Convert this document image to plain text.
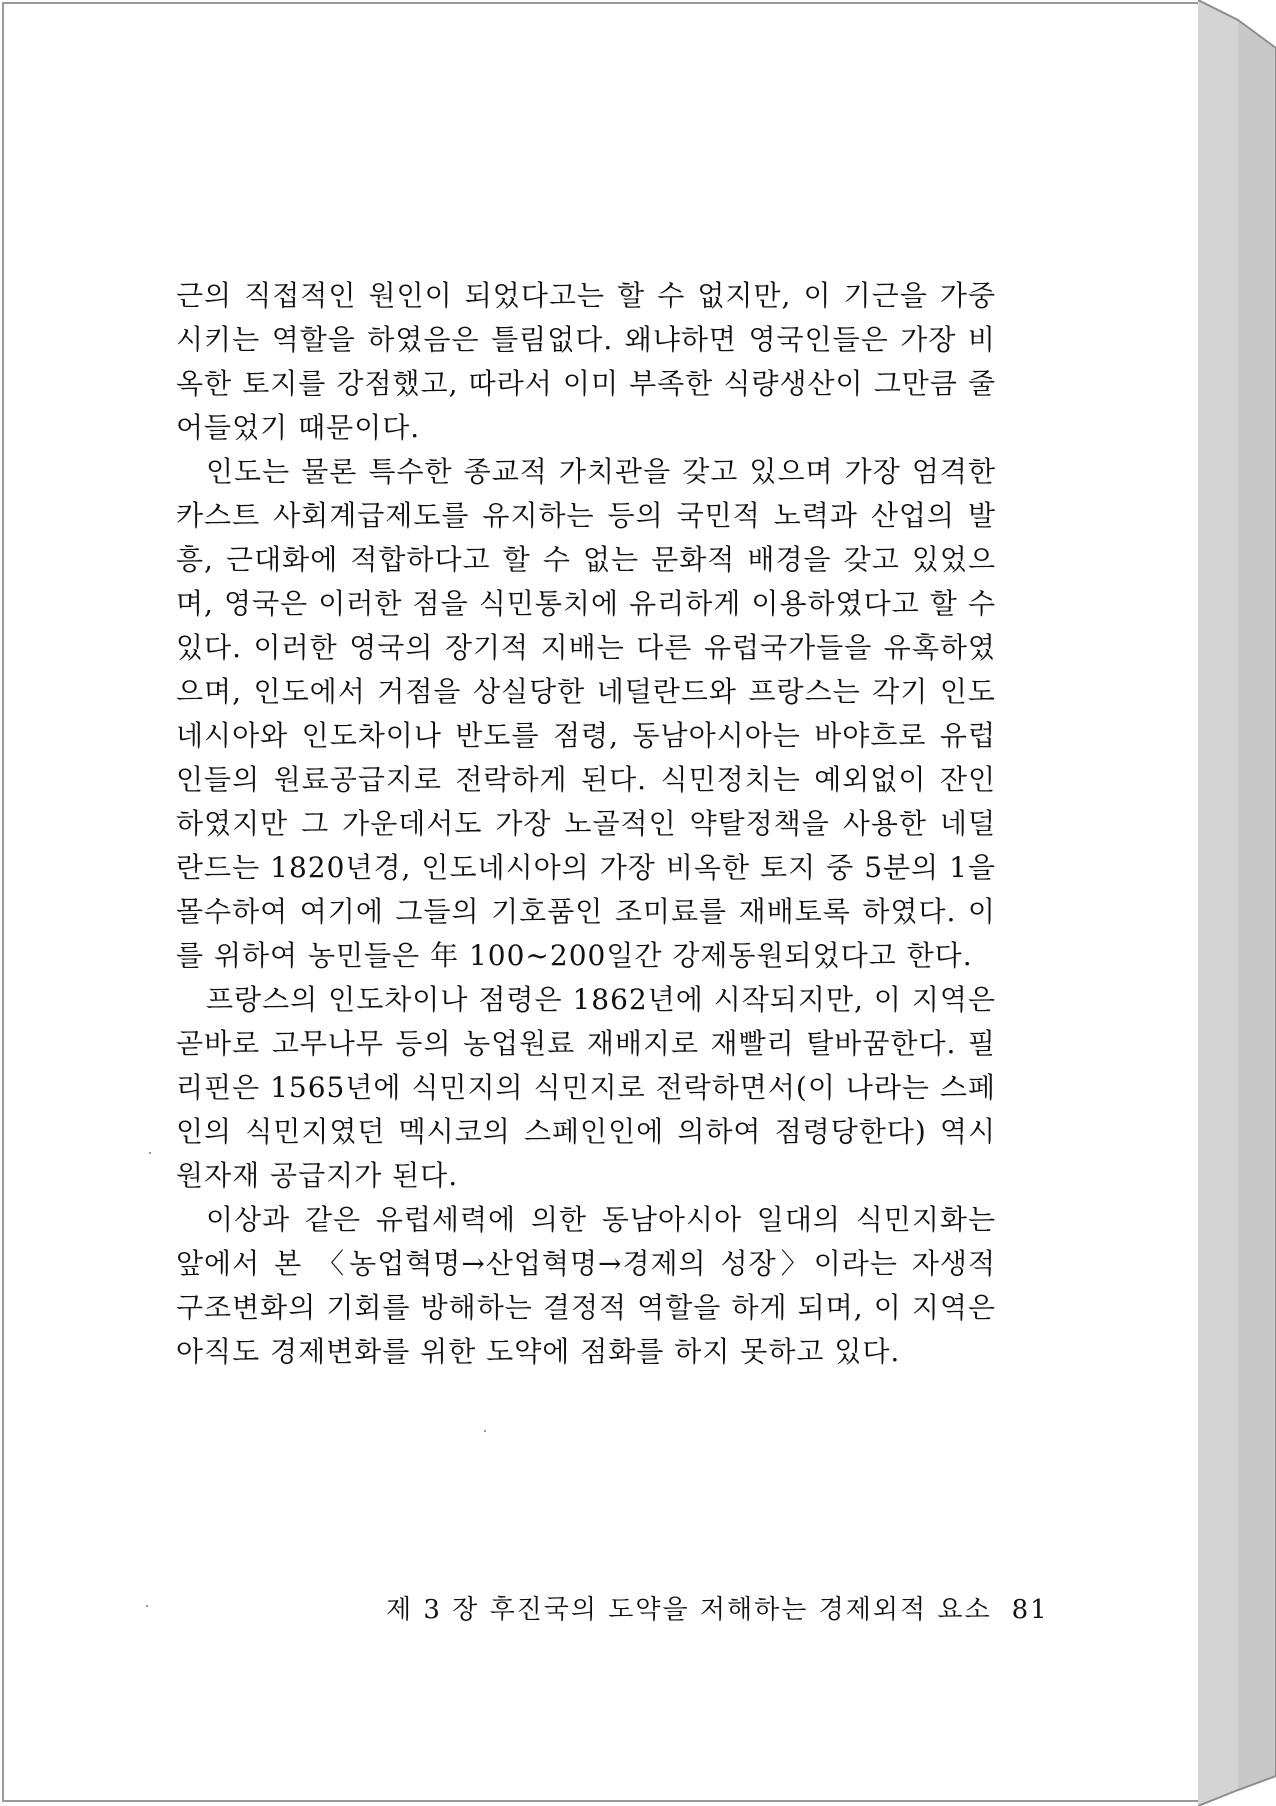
근의 직접적인 원인이 되었다고는 할 수 없지만, 이 기근을 가중시키는 역할을 하였음은 틀림없다. 왜냐하면 영국인들은 가장 비옥한 토지를 강점했고, 따라서 이미 부족한 식량생산이 그만큼 줄어들었기 때문이다.

인도는 물론 특수한 종교적 가치관을 갖고 있으며 가장 엄격한 카스트 사회계급제도를 유지하는 등의 국민적 노력과 산업의 발흥, 근대화에 적합하다고 할 수 없는 문화적 배경을 갖고 있었으며, 영국은 이러한 점을 식민통치에 유리하게 이용하였다고 할 수 있다. 이러한 영국의 장기적 지배는 다른 유럽국가들을 유혹하였으며, 인도에서 거점을 상실당한 네덜란드와 프랑스는 각기 인도네시아와 인도차이나 반도를 점령, 동남아시아는 바야흐로 유럽인들의 원료공급지로 전락하게 된다. 식민정치는 예외없이 잔인하였지만 그 가운데서도 가장 노골적인 약탈정책을 사용한 네덜란드는 1820년경, 인도네시아의 가장 비옥한 토지 중 5분의 1을 몰수하여 여기에 그들의 기호품인 조미료를 재배토록 하였다. 이를 위하여 농민들은 年 100~200일간 강제동원되었다고 한다.

프랑스의 인도차이나 점령은 1862년에 시작되지만, 이 지역은 곧바로 고무나무 등의 농업원료 재배지로 재빨리 탈바꿈한다. 필리핀은 1565년에 식민지의 식민지로 전락하면서(이 나라는 스페인의 식민지였던 멕시코의 스페인인에 의하여 점령당한다) 역시 원자재 공급지가 된다.

이상과 같은 유럽세력에 의한 동남아시아 일대의 식민지화는 앞에서 본 〈농업혁명→산업혁명→경제의 성장〉이라는 자생적 구조변화의 기회를 방해하는 결정적 역할을 하게 되며, 이 지역은 아직도 경제변화를 위한 도약에 점화를 하지 못하고 있다.

제 3 장 후진국의 도약을 저해하는 경제외적 요소 81
